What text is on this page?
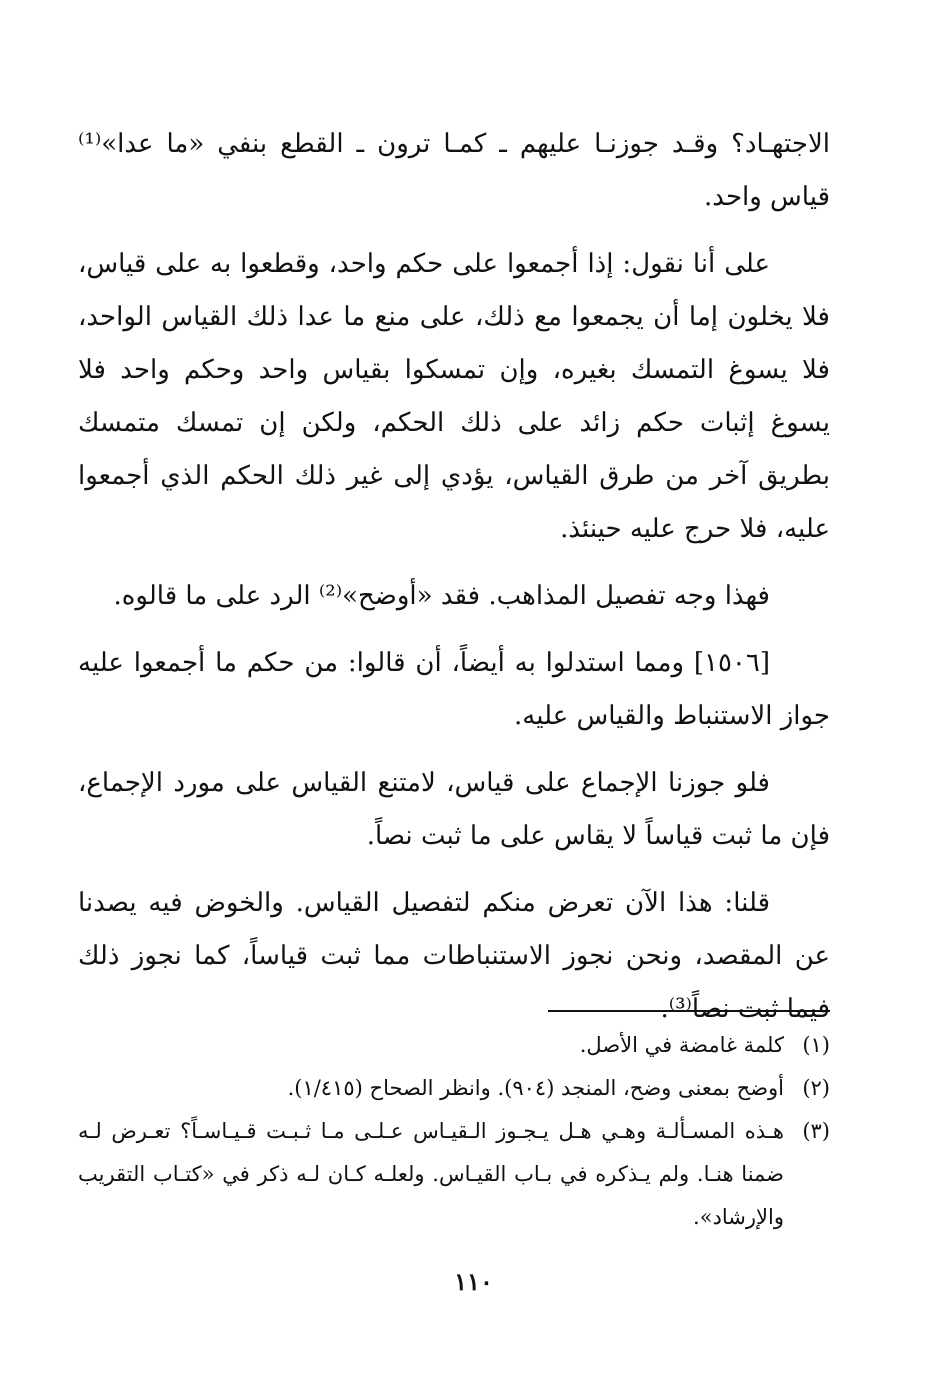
الاجتهـاد؟ وقـد جوزنـا عليهم ـ كمـا ترون ـ القطع بنفي «ما عدا»⁽¹⁾ قياس واحد.

على أنا نقول: إذا أجمعوا على حكم واحد، وقطعوا به على قياس، فلا يخلون إما أن يجمعوا مع ذلك، على منع ما عدا ذلك القياس الواحد، فلا يسوغ التمسك بغيره، وإن تمسكوا بقياس واحد وحكم واحد فلا يسوغ إثبات حكم زائد على ذلك الحكم، ولكن إن تمسك متمسك بطريق آخر من طرق القياس، يؤدي إلى غير ذلك الحكم الذي أجمعوا عليه، فلا حرج عليه حينئذ.

فهذا وجه تفصيل المذاهب. فقد «أوضح»⁽²⁾ الرد على ما قالوه.

[١٥٠٦] ومما استدلوا به أيضاً، أن قالوا: من حكم ما أجمعوا عليه جواز الاستنباط والقياس عليه.

فلو جوزنا الإجماع على قياس، لامتنع القياس على مورد الإجماع، فإن ما ثبت قياساً لا يقاس على ما ثبت نصاً.

قلنا: هذا الآن تعرض منكم لتفصيل القياس. والخوض فيه يصدنا عن المقصد، ونحن نجوز الاستنباطات مما ثبت قياساً، كما نجوز ذلك فيما ثبت نصاً⁽³⁾.

(١)
كلمة غامضة في الأصل.
(٢)
أوضح بمعنى وضح، المنجد (٩٠٤). وانظر الصحاح (١/٤١٥).
(٣)
هـذه المسـألـة وهـي هـل يـجـوز الـقيـاس عـلـى مـا ثـبـت قـيـاسـاً؟ تعـرض لـه ضمنا هنـا. ولم يـذكره في بـاب القيـاس. ولعلـه كـان لـه ذكر في «كتـاب التقريب والإرشاد».
١١٠
